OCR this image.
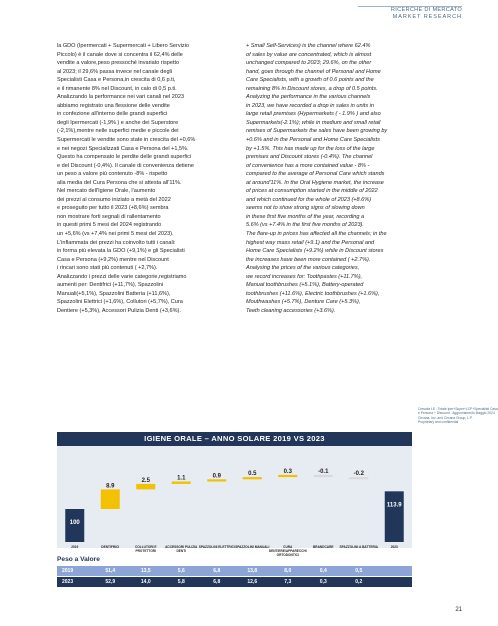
RICERCHE DI MERCATO
MARKET RESEARCH

la GDO (Ipermercati + Supermercati + Libero Servizio

Piccolo) è il canale dove si concentra il 62,4% delle

vendite a valore,peso pressoché invariato rispetto

al 2023; il 29,6% passa invece nel canale degli

Specialisti Casa e Persona,in crescita di 0,6 p.ti,

e il rimanente 8% nel Discount, in calo di 0,5 p.ti.

Analizzando la performance nei vari canali nel 2023

abbiamo registrato una flessione delle vendite

in confezione all'interno delle grandi superfici

degli Ipermercati (-1,9% ) e anche dei Superstore

(-2,1%),mentre nelle superfici medie e piccole dei

Supermercati le vendite sono state in crescita del +0,6%

e nei negozi Specializzati Casa e Persona del +1,5%.

Questo ha compensato le perdite delle grandi superfici

e del Discount (-0,4%). Il canale di convenienza detiene

un peso a valore più contenuto -8% - rispetto

alla media del Cura Persona che si attesta all'11%.

Nel mercato dell'Igiene Orale, l'aumento

dei prezzi al consumo iniziato a metà del 2022

e proseguito per tutto il 2023 (+8,6%) sembra

non mostrare forti segnali di rallentamento

in questi primi 5 mesi del 2024 registrando

un +5,6% (vs +7,4% nei primi 5 mesi del 2023).

L'inflammata dei prezzi ha coinvolto tutti i canali:

in forma più elevata la GDO (+9,1%) e gli Specialisti

Casa e Persona (+9,2%) mentre nel Discount

i rincari sono stati più contenuti ( +2,7%).

Analizzando i prezzi delle varie categorie,registriamo

aumenti per: Dentifrici (+11,7%), Spazzolini

Manuali(+5,1%), Spazzolini Batteria (+11,6%),

Spazzolini Elettrici (+1,6%), Collutori (+5,7%), Cura

Dentiere (+5,3%), Accessori Pulizia Denti (+3,6%).

+ Small Self-Services) is the channel where 62.4%

of sales by value are concentrated, which is almost

unchanged compared to 2023; 29.6%, on the other

hand, goes through the channel of Personal and Home

Care Specialists, with a growth of 0.6 points and the

remaining 8% in Discount stores, a drop of 0.5 points.

Analyzing the performance in the various channels

in 2023, we have recorded a drop in sales in units in

large retail premises (Hypermarkets ( - 1.9% ) and also

Supermarkets(-2.1%); while in medium and small retail

remises of Supermarkets the sales have been growing by

+0.6% and in the Personal and Home Care Specialists

by +1.5%. This has made up for the loss of the large

premises and Discount stores (-0.4%). The channel

of convenience has a more contained value - 8% -

compared to the average of Personal Care which stands

at around'11%. In the Oral Hygiene market, the increase

of prices at consumption started in the middle of 2022

and which continued for the whole of 2023 (+8.6%)

seems not to show strong signs of slowing down

in these first five months of the year, recording a

5.6% (vs +7.4% in the first five months of 2023).

The flare-up in prices has affected all the channels; in the

highest way mass retail (+9.1) and the Personal and

Home Care Specialists (+9.2%) while in Discount stores

the increases have been more contained ( +2.7%).

Analysing the prices of the various categories,

we record increases for: Toothpastes (+11.7%),

Manual toothbrushes (+5.1%), Battery-operated

toothbrushes (+11.6%), Electric toothbrushes (+1.6%),

Mouthwashes (+5.7%), Denture Care (+5.3%),

Teeth cleaning accessories (+3.6%).

Crescita LE - Totale Iper+Super+LCP+Specialisti Casa

e Persona + Discount - Aggiornamento Maggio 2024

Circana, Inc. and Circana Group, L.P.

Proprietary and confidential

IGIENE ORALE – ANNO SOLARE 2019 VS 2023
100
8.9
2.5	1.1	0.9	0.5	0.3	-0.1	-0.2
113.9
2019	DENTIFRICI	COLLUTORI E
PROTETTORI
ACCESSORI PULIZIA
DENTI
SPAZZOLINI ELETTRICI SPAZZOLINI MANUALI	CURA
DENTIERE/APPARECCHI
ORTODONTICI
BRANDCARE SPAZZOLINI A BATTERIA	2023
Peso a Valore
2019	51,4	13,5	5,6	6,8	13,8	8,0	0,4	0,5
2023	52,9	14,0	5,8	6,8	12,6	7,3	0,3	0,2
21
